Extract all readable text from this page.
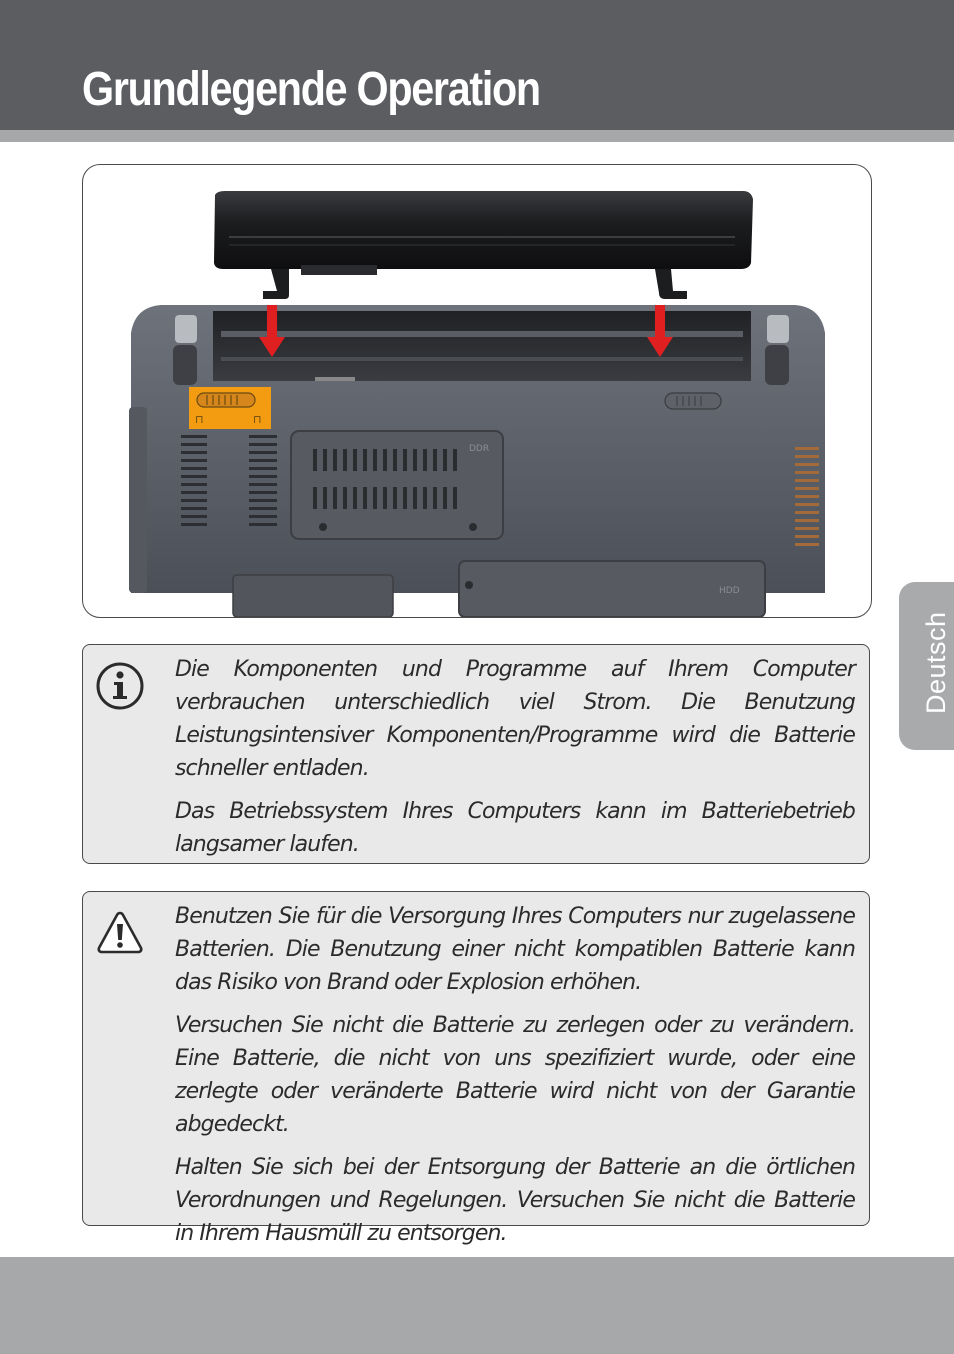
Grundlegende Operation
⊓	⊓
DDR
HDD

Die Komponenten und Programme auf Ihrem Computer verbrauchen unterschiedlich viel Strom. Die Benutzung Leistungsintensiver Komponenten/Programme wird die Batterie schneller entladen.

Das Betriebssystem Ihres Computers kann im Batteriebetrieb langsamer laufen.

Benutzen Sie für die Versorgung Ihres Computers nur zugelassene Batterien. Die Benutzung einer nicht kompatiblen Batterie kann das Risiko von Brand oder Explosion erhöhen.

Versuchen Sie nicht die Batterie zu zerlegen oder zu verändern. Eine Batterie, die nicht von uns spezifiziert wurde, oder eine zerlegte oder veränderte Batterie wird nicht von der Garantie abgedeckt.

Halten Sie sich bei der Entsorgung der Batterie an die örtlichen Verordnungen und Regelungen. Versuchen Sie nicht die Batterie in Ihrem Hausmüll zu entsorgen.

Deutsch
